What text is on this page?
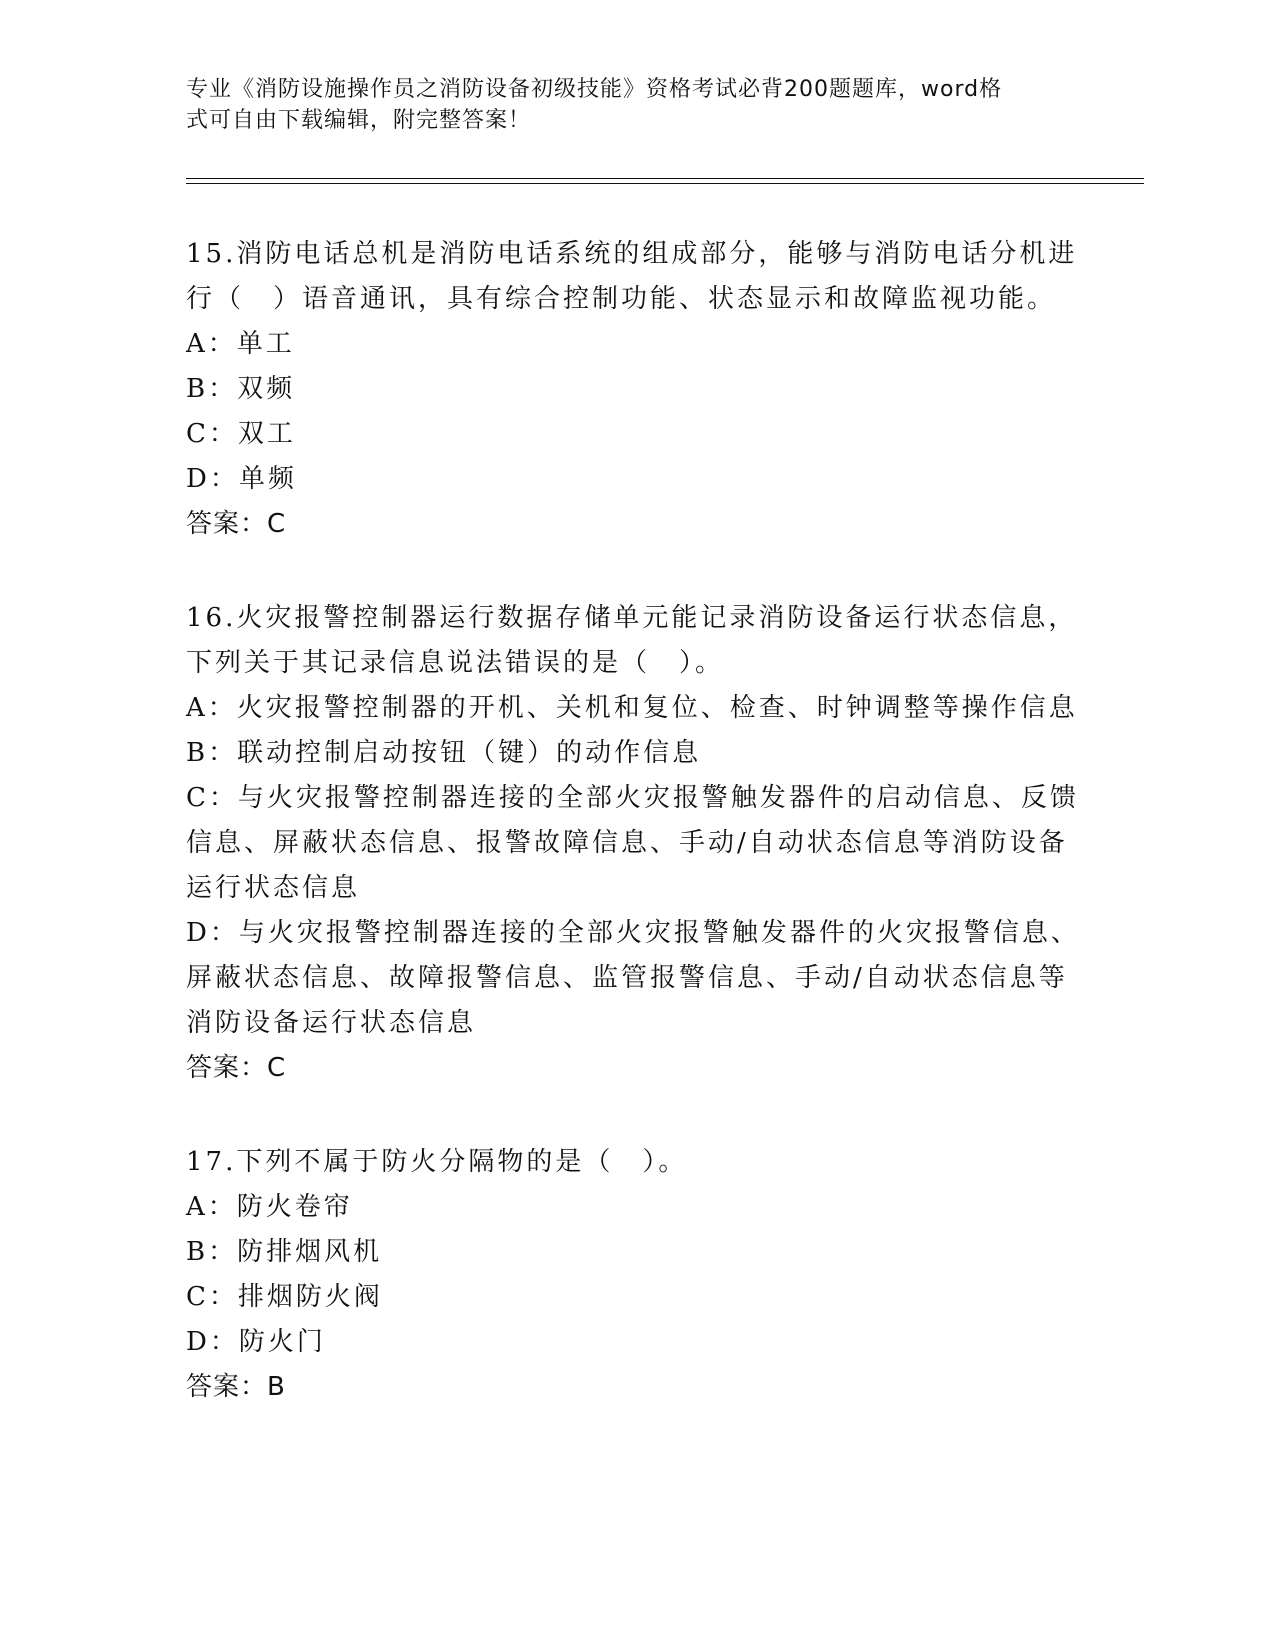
专业《消防设施操作员之消防设备初级技能》资格考试必背200题题库，word格
式可自由下载编辑，附完整答案！
15.消防电话总机是消防电话系统的组成部分，能够与消防电话分机进
行（　）语音通讯，具有综合控制功能、状态显示和故障监视功能。
A：单工
B：双频
C：双工
D：单频
答案：C
16.火灾报警控制器运行数据存储单元能记录消防设备运行状态信息，
下列关于其记录信息说法错误的是（　）。
A：火灾报警控制器的开机、关机和复位、检查、时钟调整等操作信息
B：联动控制启动按钮（键）的动作信息
C：与火灾报警控制器连接的全部火灾报警触发器件的启动信息、反馈
信息、屏蔽状态信息、报警故障信息、手动/自动状态信息等消防设备
运行状态信息
D：与火灾报警控制器连接的全部火灾报警触发器件的火灾报警信息、
屏蔽状态信息、故障报警信息、监管报警信息、手动/自动状态信息等
消防设备运行状态信息
答案：C
17.下列不属于防火分隔物的是（　）。
A：防火卷帘
B：防排烟风机
C：排烟防火阀
D：防火门
答案：B
